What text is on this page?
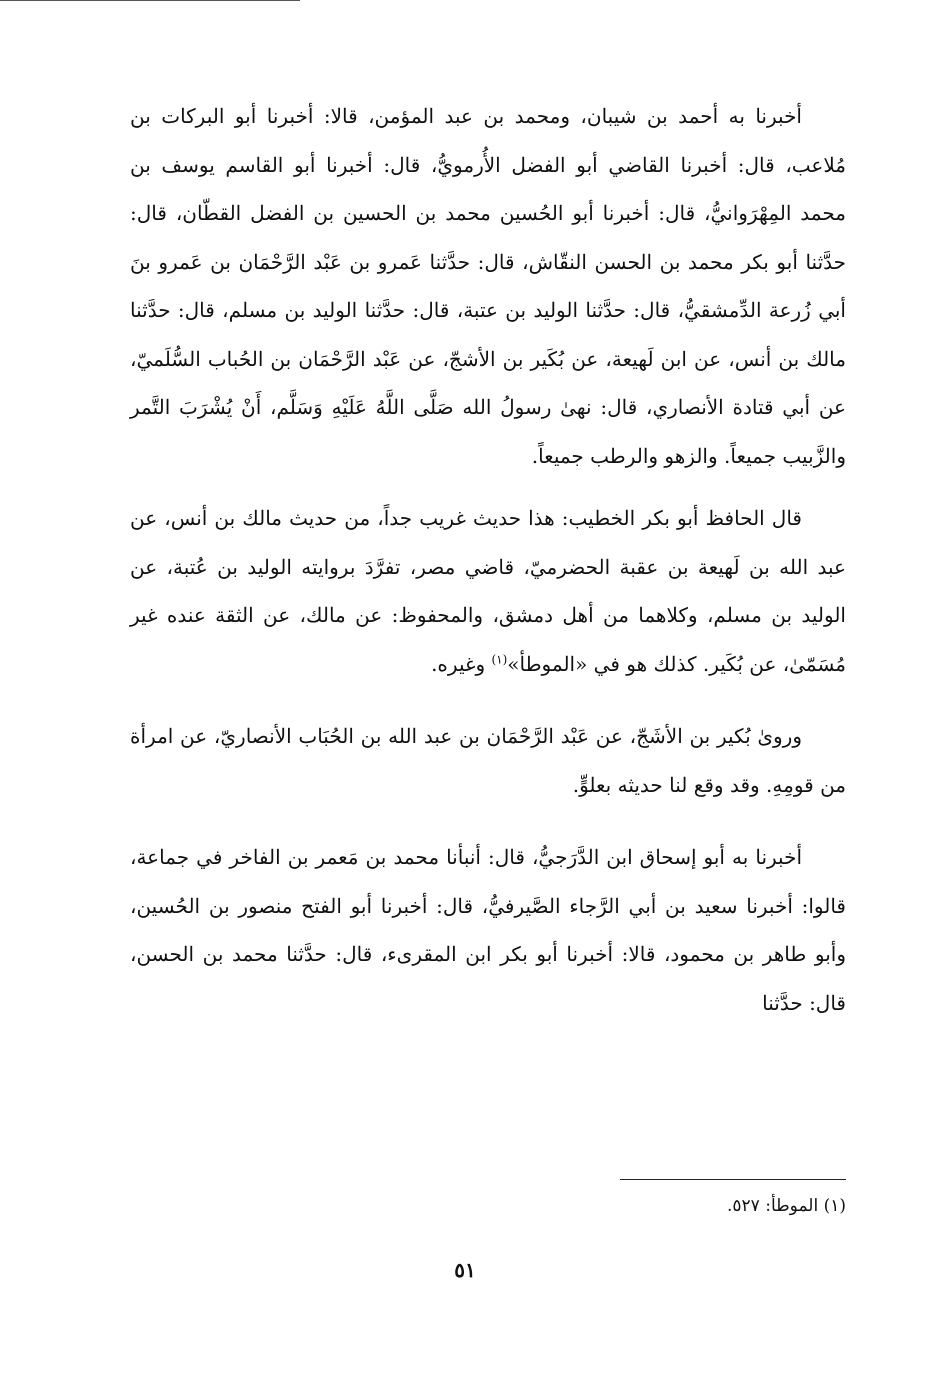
أخبرنا به أحمد بن شيبان، ومحمد بن عبد المؤمن، قالا: أخبرنا أبو البركات بن مُلاعب، قال: أخبرنا القاضي أبو الفضل الأُرمويُّ، قال: أخبرنا أبو القاسم يوسف بن محمد المِهْرَوانيُّ، قال: أخبرنا أبو الحُسين محمد بن الحسين بن الفضل القطّان، قال: حدَّثنا أبو بكر محمد بن الحسن النقّاش، قال: حدَّثنا عَمرو بن عَبْد الرَّحْمَان بن عَمرو بنَ أبي زُرعة الدِّمشقيُّ، قال: حدَّثنا الوليد بن عتبة، قال: حدَّثنا الوليد بن مسلم، قال: حدَّثنا مالك بن أنس، عن ابن لَهيعة، عن بُكَير بن الأشجّ، عن عَبْد الرَّحْمَان بن الحُباب السُّلَميّ، عن أبي قتادة الأنصاري، قال: نهىٰ رسولُ الله صَلَّى اللَّهُ عَلَيْهِ وَسَلَّم، أَنْ يُشْرَبَ التَّمر والزَّبيب جميعاً. والزهو والرطب جميعاً.

قال الحافظ أبو بكر الخطيب: هذا حديث غريب جداً، من حديث مالك بن أنس، عن عبد الله بن لَهيعة بن عقبة الحضرميّ، قاضي مصر، تفرَّدَ بروايته الوليد بن عُتبة، عن الوليد بن مسلم، وكلاهما من أهل دمشق، والمحفوظ: عن مالك، عن الثقة عنده غير مُسَمّىٰ، عن بُكَير. كذلك هو في «الموطأ»$^{(١)}$ وغيره.

وروىٰ بُكير بن الأشَجّ، عن عَبْد الرَّحْمَان بن عبد الله بن الحُبَاب الأنصاريّ، عن امرأة من قومِهِ. وقد وقع لنا حديثه بعلوٍّ.

أخبرنا به أبو إسحاق ابن الدَّرَجيُّ، قال: أنبأنا محمد بن مَعمر بن الفاخر في جماعة، قالوا: أخبرنا سعيد بن أبي الرَّجاء الصَّيرفيُّ، قال: أخبرنا أبو الفتح منصور بن الحُسين، وأبو طاهر بن محمود، قالا: أخبرنا أبو بكر ابن المقرىء، قال: حدَّثنا محمد بن الحسن، قال: حدَّثنا

(١) الموطأ: ٥٢٧.
٥١
